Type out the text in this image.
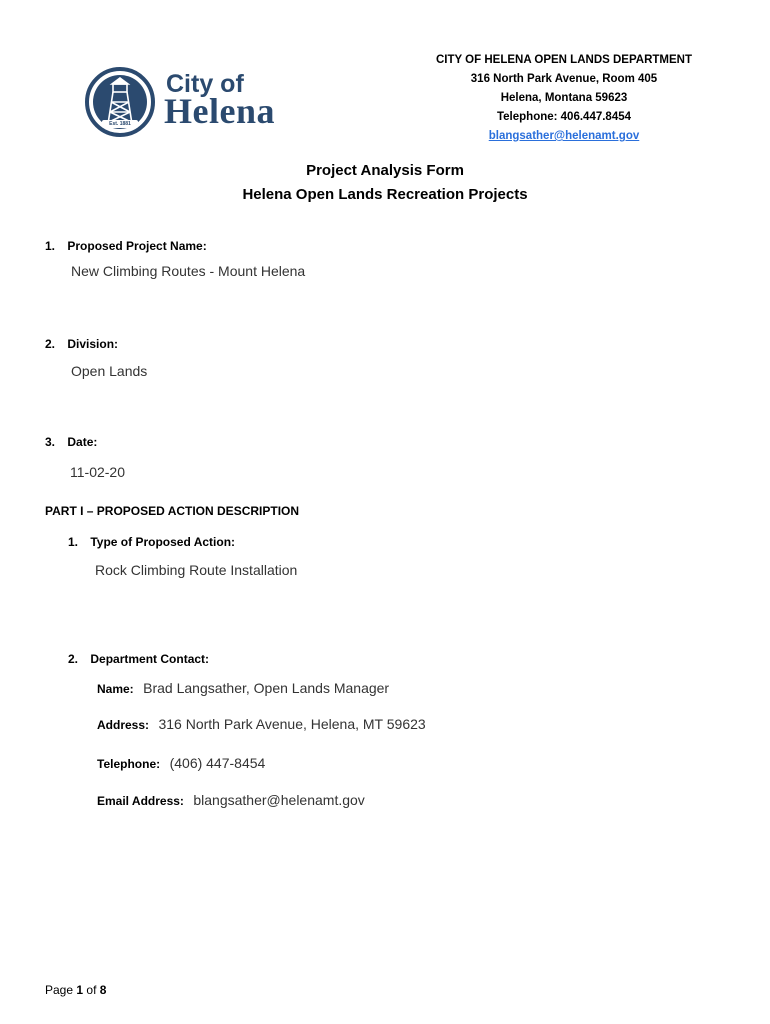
Est. 1881
City of
Helena
CITY OF HELENA OPEN LANDS DEPARTMENT
316 North Park Avenue, Room 405
Helena, Montana 59623
Telephone: 406.447.8454
blangsather@helenamt.gov
Project Analysis Form
Helena Open Lands Recreation Projects
1. Proposed Project Name:
New Climbing Routes - Mount Helena
2. Division:
Open Lands
3. Date:
11-02-20
PART I – PROPOSED ACTION DESCRIPTION
1. Type of Proposed Action:
Rock Climbing Route Installation
2. Department Contact:
Name: Brad Langsather, Open Lands Manager
Address: 316 North Park Avenue, Helena, MT 59623
Telephone: (406) 447-8454
Email Address: blangsather@helenamt.gov
Page 1 of 8
